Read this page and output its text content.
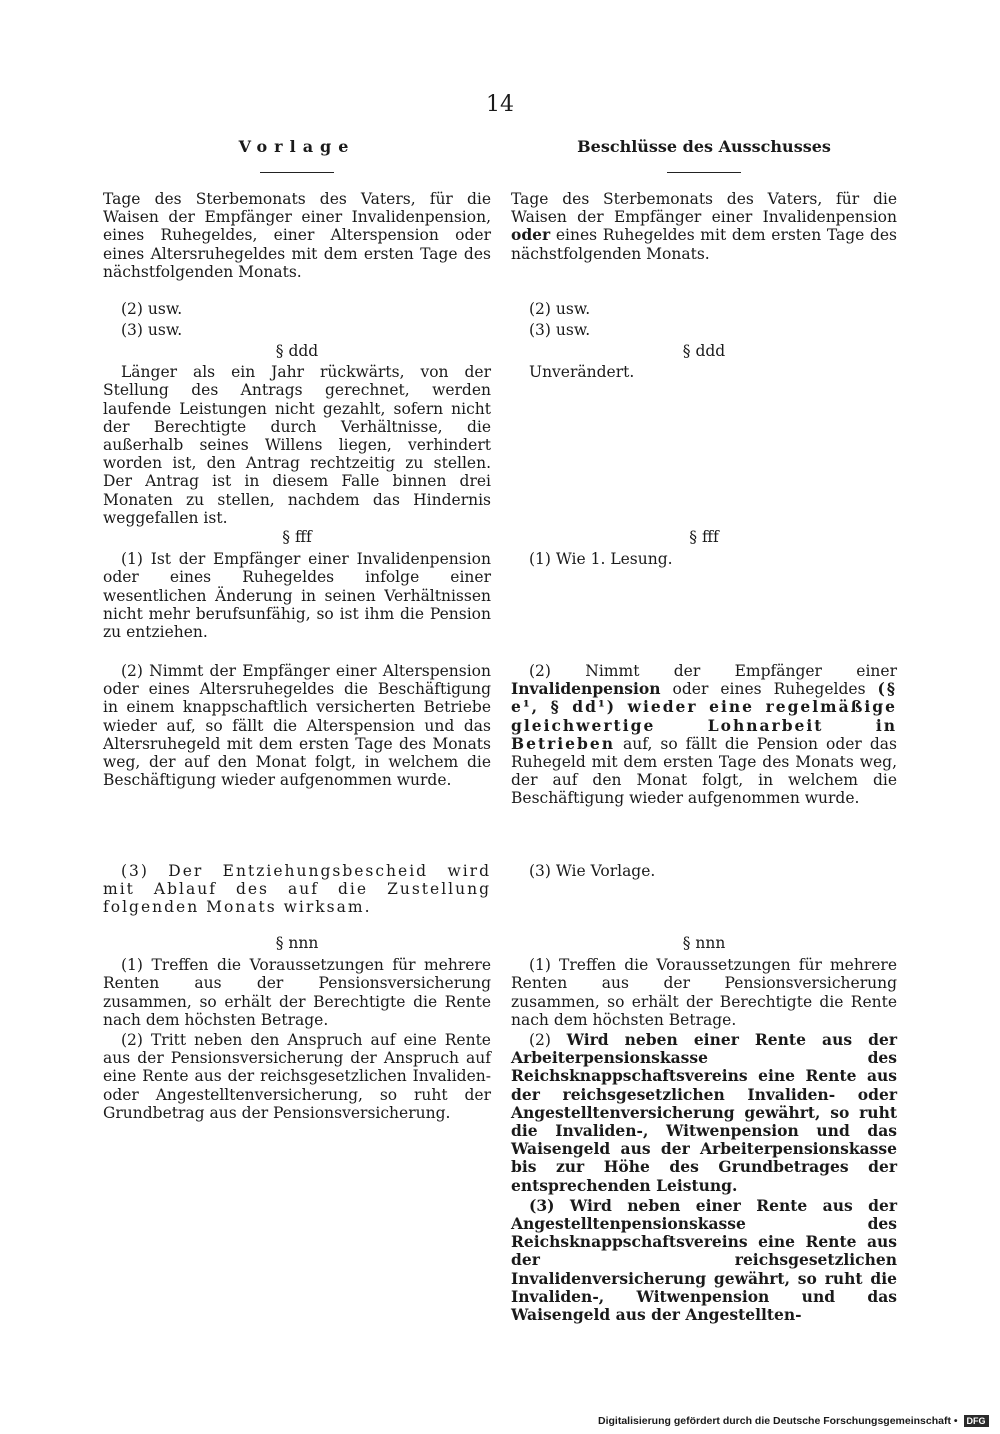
14
Vorlage

Tage des Sterbemonats des Vaters, für die Waisen der Empfänger einer Invalidenpension, eines Ruhegeldes, einer Alterspension oder eines Altersruhegeldes mit dem ersten Tage des nächstfolgenden Monats.

(2) usw.

(3) usw.

§ ddd

Länger als ein Jahr rückwärts, von der Stellung des Antrags gerechnet, werden laufende Leistungen nicht gezahlt, sofern nicht der Berechtigte durch Verhältnisse, die außerhalb seines Willens liegen, verhindert worden ist, den Antrag rechtzeitig zu stellen. Der Antrag ist in diesem Falle binnen drei Monaten zu stellen, nachdem das Hindernis weggefallen ist.

§ fff

(1) Ist der Empfänger einer Invalidenpension oder eines Ruhegeldes infolge einer wesentlichen Änderung in seinen Verhältnissen nicht mehr berufsunfähig, so ist ihm die Pension zu entziehen.

(2) Nimmt der Empfänger einer Alterspension oder eines Altersruhegeldes die Beschäftigung in einem knappschaftlich versicherten Betriebe wieder auf, so fällt die Alterspension und das Altersruhegeld mit dem ersten Tage des Monats weg, der auf den Monat folgt, in welchem die Beschäftigung wieder aufgenommen wurde.

(3) Der Entziehungsbescheid wird mit Ablauf des auf die Zustellung folgenden Monats wirksam.

§ nnn

(1) Treffen die Voraussetzungen für mehrere Renten aus der Pensionsversicherung zusammen, so erhält der Berechtigte die Rente nach dem höchsten Betrage.

(2) Tritt neben den Anspruch auf eine Rente aus der Pensionsversicherung der Anspruch auf eine Rente aus der reichsgesetzlichen Invaliden- oder Angestelltenversicherung, so ruht der Grundbetrag aus der Pensionsversicherung.

Beschlüsse des Ausschusses

Tage des Sterbemonats des Vaters, für die Waisen der Empfänger einer Invalidenpension oder eines Ruhegeldes mit dem ersten Tage des nächstfolgenden Monats.

(2) usw.

(3) usw.

§ ddd

Unverändert.

§ fff

(1) Wie 1. Lesung.

(2) Nimmt der Empfänger einer Invalidenpension oder eines Ruhegeldes (§ e¹, § dd¹) wieder eine regelmäßige gleichwertige Lohnarbeit in Betrieben auf, so fällt die Pension oder das Ruhegeld mit dem ersten Tage des Monats weg, der auf den Monat folgt, in welchem die Beschäftigung wieder aufgenommen wurde.

(3) Wie Vorlage.

§ nnn

(1) Treffen die Voraussetzungen für mehrere Renten aus der Pensionsversicherung zusammen, so erhält der Berechtigte die Rente nach dem höchsten Betrage.

(2) Wird neben einer Rente aus der Arbeiterpensionskasse des Reichsknappschaftsvereins eine Rente aus der reichsgesetzlichen Invaliden- oder Angestelltenversicherung gewährt, so ruht die Invaliden-, Witwenpension und das Waisengeld aus der Arbeiterpensionskasse bis zur Höhe des Grundbetrages der entsprechenden Leistung.

(3) Wird neben einer Rente aus der Angestelltenpensionskasse des Reichsknappschaftsvereins eine Rente aus der reichsgesetzlichen Invalidenversicherung gewährt, so ruht die Invaliden-, Witwenpension und das Waisengeld aus der Angestellten-

Digitalisierung gefördert durch die Deutsche Forschungsgemeinschaft • DFG
